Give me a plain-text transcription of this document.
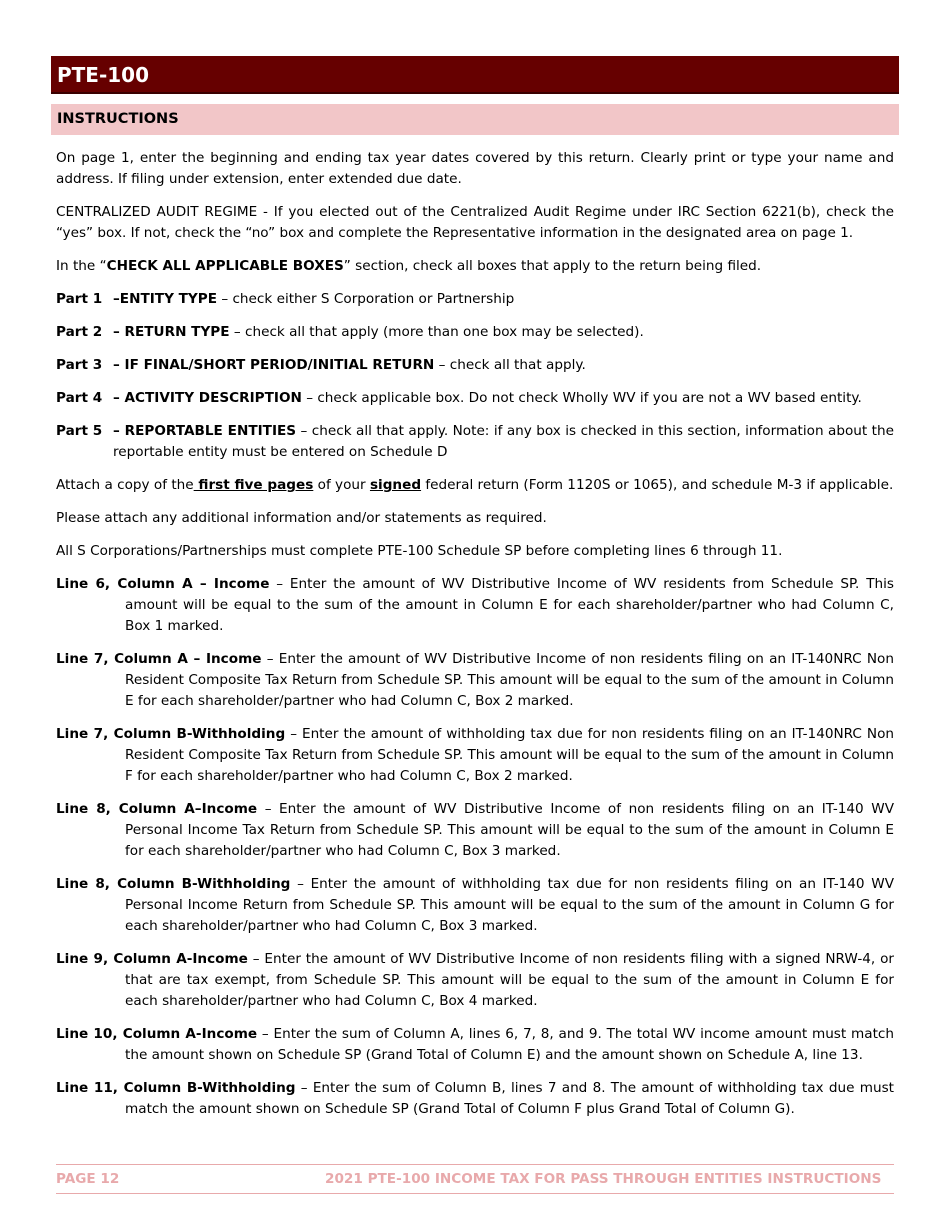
PTE-100
INSTRUCTIONS

On page 1, enter the beginning and ending tax year dates covered by this return. Clearly print or type your name and address. If filing under extension, enter extended due date.

CENTRALIZED AUDIT REGIME - If you elected out of the Centralized Audit Regime under IRC Section 6221(b), check the “yes” box. If not, check the “no” box and complete the Representative information in the designated area on page 1.

In the “CHECK ALL APPLICABLE BOXES” section, check all boxes that apply to the return being filed.

Part 1 –ENTITY TYPE – check either S Corporation or Partnership
Part 2 – RETURN TYPE – check all that apply (more than one box may be selected).
Part 3 – IF FINAL/SHORT PERIOD/INITIAL RETURN – check all that apply.
Part 4 – ACTIVITY DESCRIPTION – check applicable box. Do not check Wholly WV if you are not a WV based entity.
Part 5 – REPORTABLE ENTITIES – check all that apply. Note: if any box is checked in this section, information about the reportable entity must be entered on Schedule D

Attach a copy of the first five pages of your signed federal return (Form 1120S or 1065), and schedule M-3 if applicable.

Please attach any additional information and/or statements as required.

All S Corporations/Partnerships must complete PTE-100 Schedule SP before completing lines 6 through 11.

Line 6, Column A – Income – Enter the amount of WV Distributive Income of WV residents from Schedule SP. This amount will be equal to the sum of the amount in Column E for each shareholder/partner who had Column C, Box 1 marked.

Line 7, Column A – Income – Enter the amount of WV Distributive Income of non residents filing on an IT-140NRC Non Resident Composite Tax Return from Schedule SP. This amount will be equal to the sum of the amount in Column E for each shareholder/partner who had Column C, Box 2 marked.

Line 7, Column B-Withholding – Enter the amount of withholding tax due for non residents filing on an IT-140NRC Non Resident Composite Tax Return from Schedule SP. This amount will be equal to the sum of the amount in Column F for each shareholder/partner who had Column C, Box 2 marked.

Line 8, Column A–Income – Enter the amount of WV Distributive Income of non residents filing on an IT-140 WV Personal Income Tax Return from Schedule SP. This amount will be equal to the sum of the amount in Column E for each shareholder/partner who had Column C, Box 3 marked.

Line 8, Column B-Withholding – Enter the amount of withholding tax due for non residents filing on an IT-140 WV Personal Income Return from Schedule SP. This amount will be equal to the sum of the amount in Column G for each shareholder/partner who had Column C, Box 3 marked.

Line 9, Column A-Income – Enter the amount of WV Distributive Income of non residents filing with a signed NRW-4, or that are tax exempt, from Schedule SP. This amount will be equal to the sum of the amount in Column E for each shareholder/partner who had Column C, Box 4 marked.

Line 10, Column A-Income – Enter the sum of Column A, lines 6, 7, 8, and 9. The total WV income amount must match the amount shown on Schedule SP (Grand Total of Column E) and the amount shown on Schedule A, line 13.

Line 11, Column B-Withholding – Enter the sum of Column B, lines 7 and 8. The amount of withholding tax due must match the amount shown on Schedule SP (Grand Total of Column F plus Grand Total of Column G).

PAGE 12	2021 PTE-100 INCOME TAX FOR PASS THROUGH ENTITIES INSTRUCTIONS
